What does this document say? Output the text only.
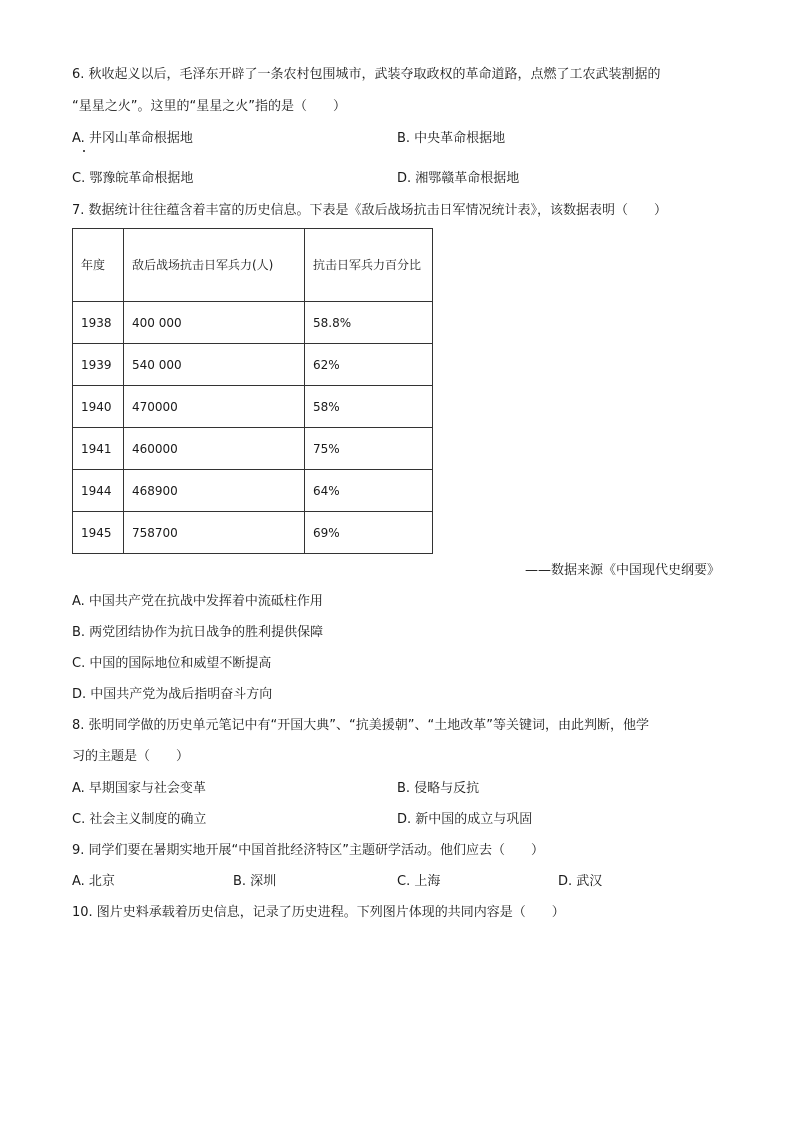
6. 秋收起义以后，毛泽东开辟了一条农村包围城市，武装夺取政权的革命道路，点燃了工农武装割据的
“星星之火”。这里的“星星之火”指的是（　　）
A. 井冈山革命根据地	B. 中央革命根据地
C. 鄂豫皖革命根据地	D. 湘鄂赣革命根据地
7. 数据统计往往蕴含着丰富的历史信息。下表是《敌后战场抗击日军情况统计表》，该数据表明（　　）
年度	敌后战场抗击日军兵力(人)	抗击日军兵力百分比
1938	400 000	58.8%
1939	540 000	62%
1940	470000	58%
1941	460000	75%
1944	468900	64%
1945	758700	69%
——数据来源《中国现代史纲要》
A. 中国共产党在抗战中发挥着中流砥柱作用
B. 两党团结协作为抗日战争的胜利提供保障
C. 中国的国际地位和威望不断提高
D. 中国共产党为战后指明奋斗方向
8. 张明同学做的历史单元笔记中有“开国大典”、“抗美援朝”、“土地改革”等关键词，由此判断，他学
习的主题是（　　）
A. 早期国家与社会变革	B. 侵略与反抗
C. 社会主义制度的确立	D. 新中国的成立与巩固
9. 同学们要在暑期实地开展“中国首批经济特区”主题研学活动。他们应去（　　）
A. 北京	B. 深圳	C. 上海	D. 武汉
10. 图片史料承载着历史信息，记录了历史进程。下列图片体现的共同内容是（　　）
